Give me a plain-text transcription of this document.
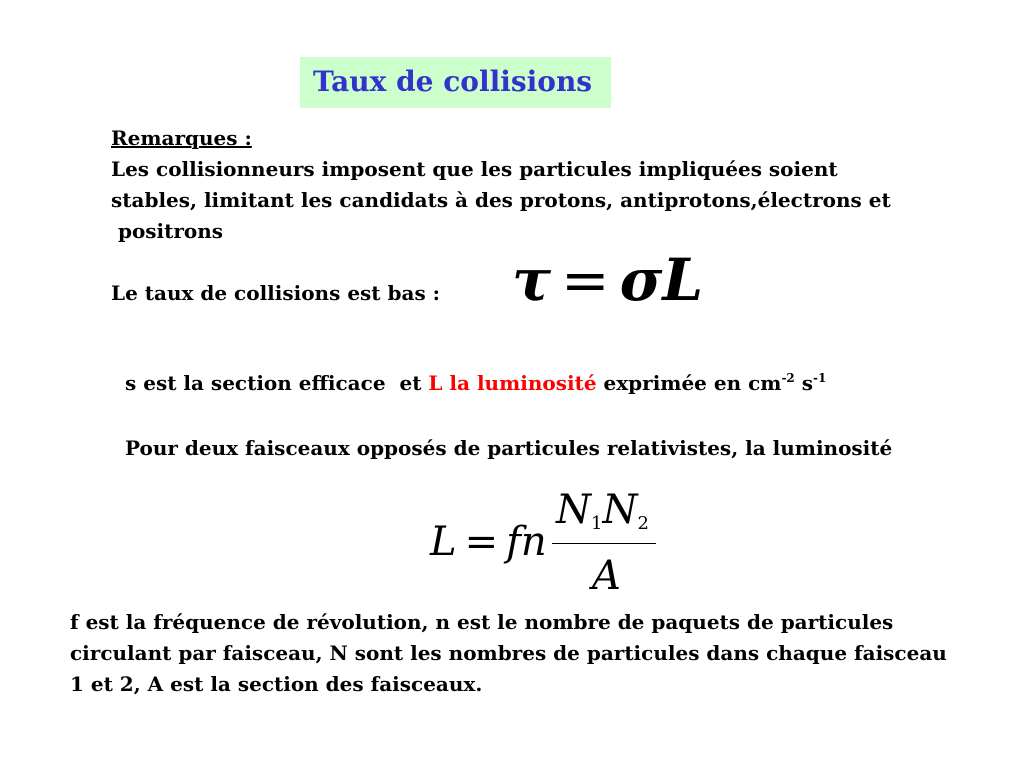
Taux de collisions
Remarques :
Les collisionneurs imposent que les particules impliquées soient
stables, limitant les candidats à des protons, antiprotons,électrons et
positrons
Le taux de collisions est bas : τ = σL
s est la section efficace  et L la luminosité exprimée en $cm^{-2}$ $s^{-1}$
Pour deux faisceaux opposés de particules relativistes, la luminosité
L = fn
$N_1N_2$
A
f est la fréquence de révolution, n est le nombre de paquets de particules
circulant par faisceau, N sont les nombres de particules dans chaque faisceau
1 et 2, A est la section des faisceaux.
